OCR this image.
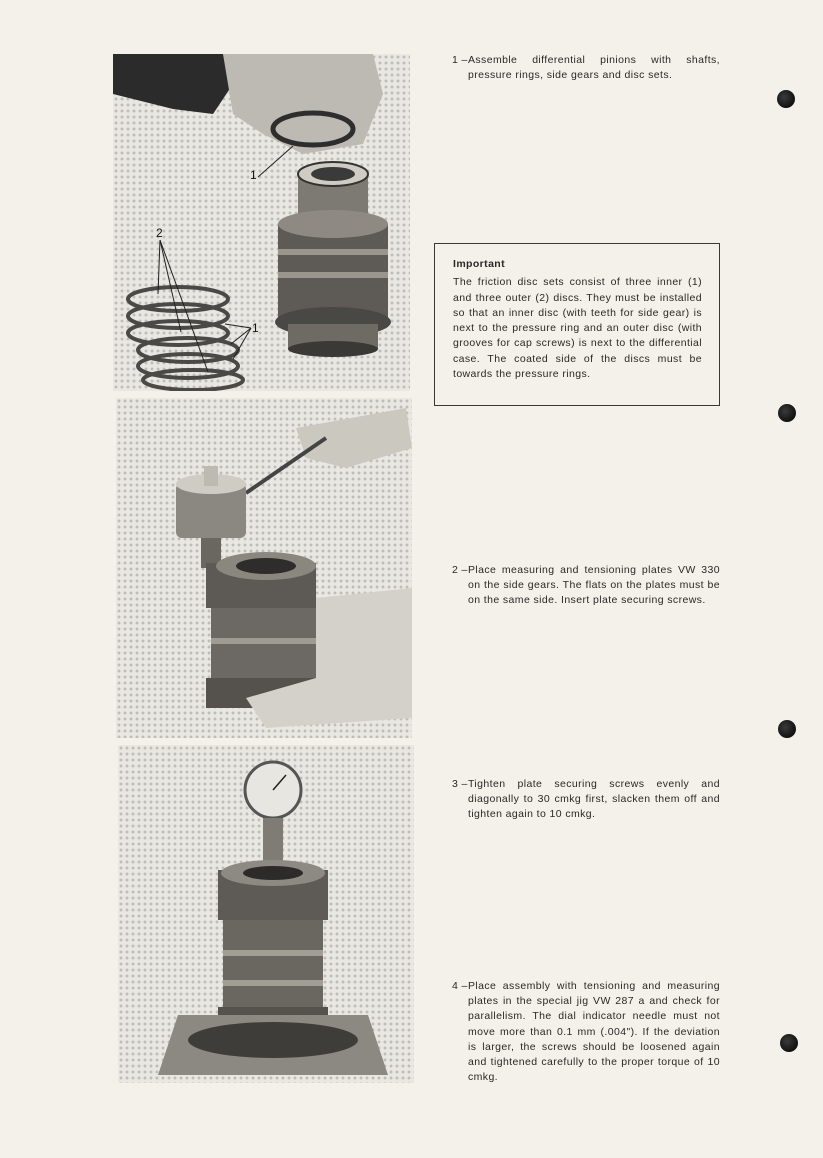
1
2
1
1 – Assemble differential pinions with shafts, pressure rings, side gears and disc sets.
Important
The friction disc sets consist of three inner (1) and three outer (2) discs. They must be installed so that an inner disc (with teeth for side gear) is next to the pressure ring and an outer disc (with grooves for cap screws) is next to the differential case. The coated side of the discs must be towards the pressure rings.
2 – Place measuring and tensioning plates VW 330 on the side gears. The flats on the plates must be on the same side. Insert plate securing screws.
3 – Tighten plate securing screws evenly and diagonally to 30 cmkg first, slacken them off and tighten again to 10 cmkg.
4 – Place assembly with tensioning and measuring plates in the special jig VW 287 a and check for parallelism. The dial indicator needle must not move more than 0.1 mm (.004"). If the deviation is larger, the screws should be loosened again and tightened carefully to the proper torque of 10 cmkg.
